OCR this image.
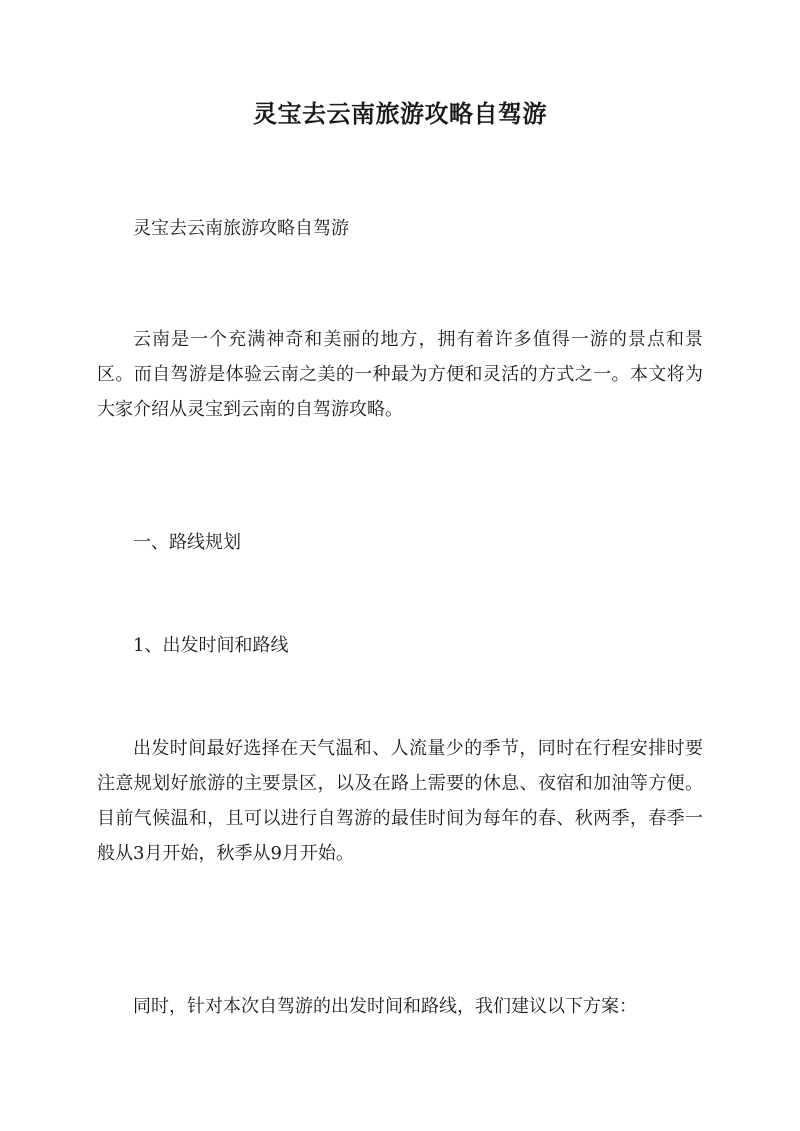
灵宝去云南旅游攻略自驾游

灵宝去云南旅游攻略自驾游

云南是一个充满神奇和美丽的地方，拥有着许多值得一游的景点和景区。而自驾游是体验云南之美的一种最为方便和灵活的方式之一。本文将为大家介绍从灵宝到云南的自驾游攻略。

一、路线规划

1、出发时间和路线

出发时间最好选择在天气温和、人流量少的季节，同时在行程安排时要注意规划好旅游的主要景区，以及在路上需要的休息、夜宿和加油等方便。目前气候温和，且可以进行自驾游的最佳时间为每年的春、秋两季，春季一般从3月开始，秋季从9月开始。

同时，针对本次自驾游的出发时间和路线，我们建议以下方案：
